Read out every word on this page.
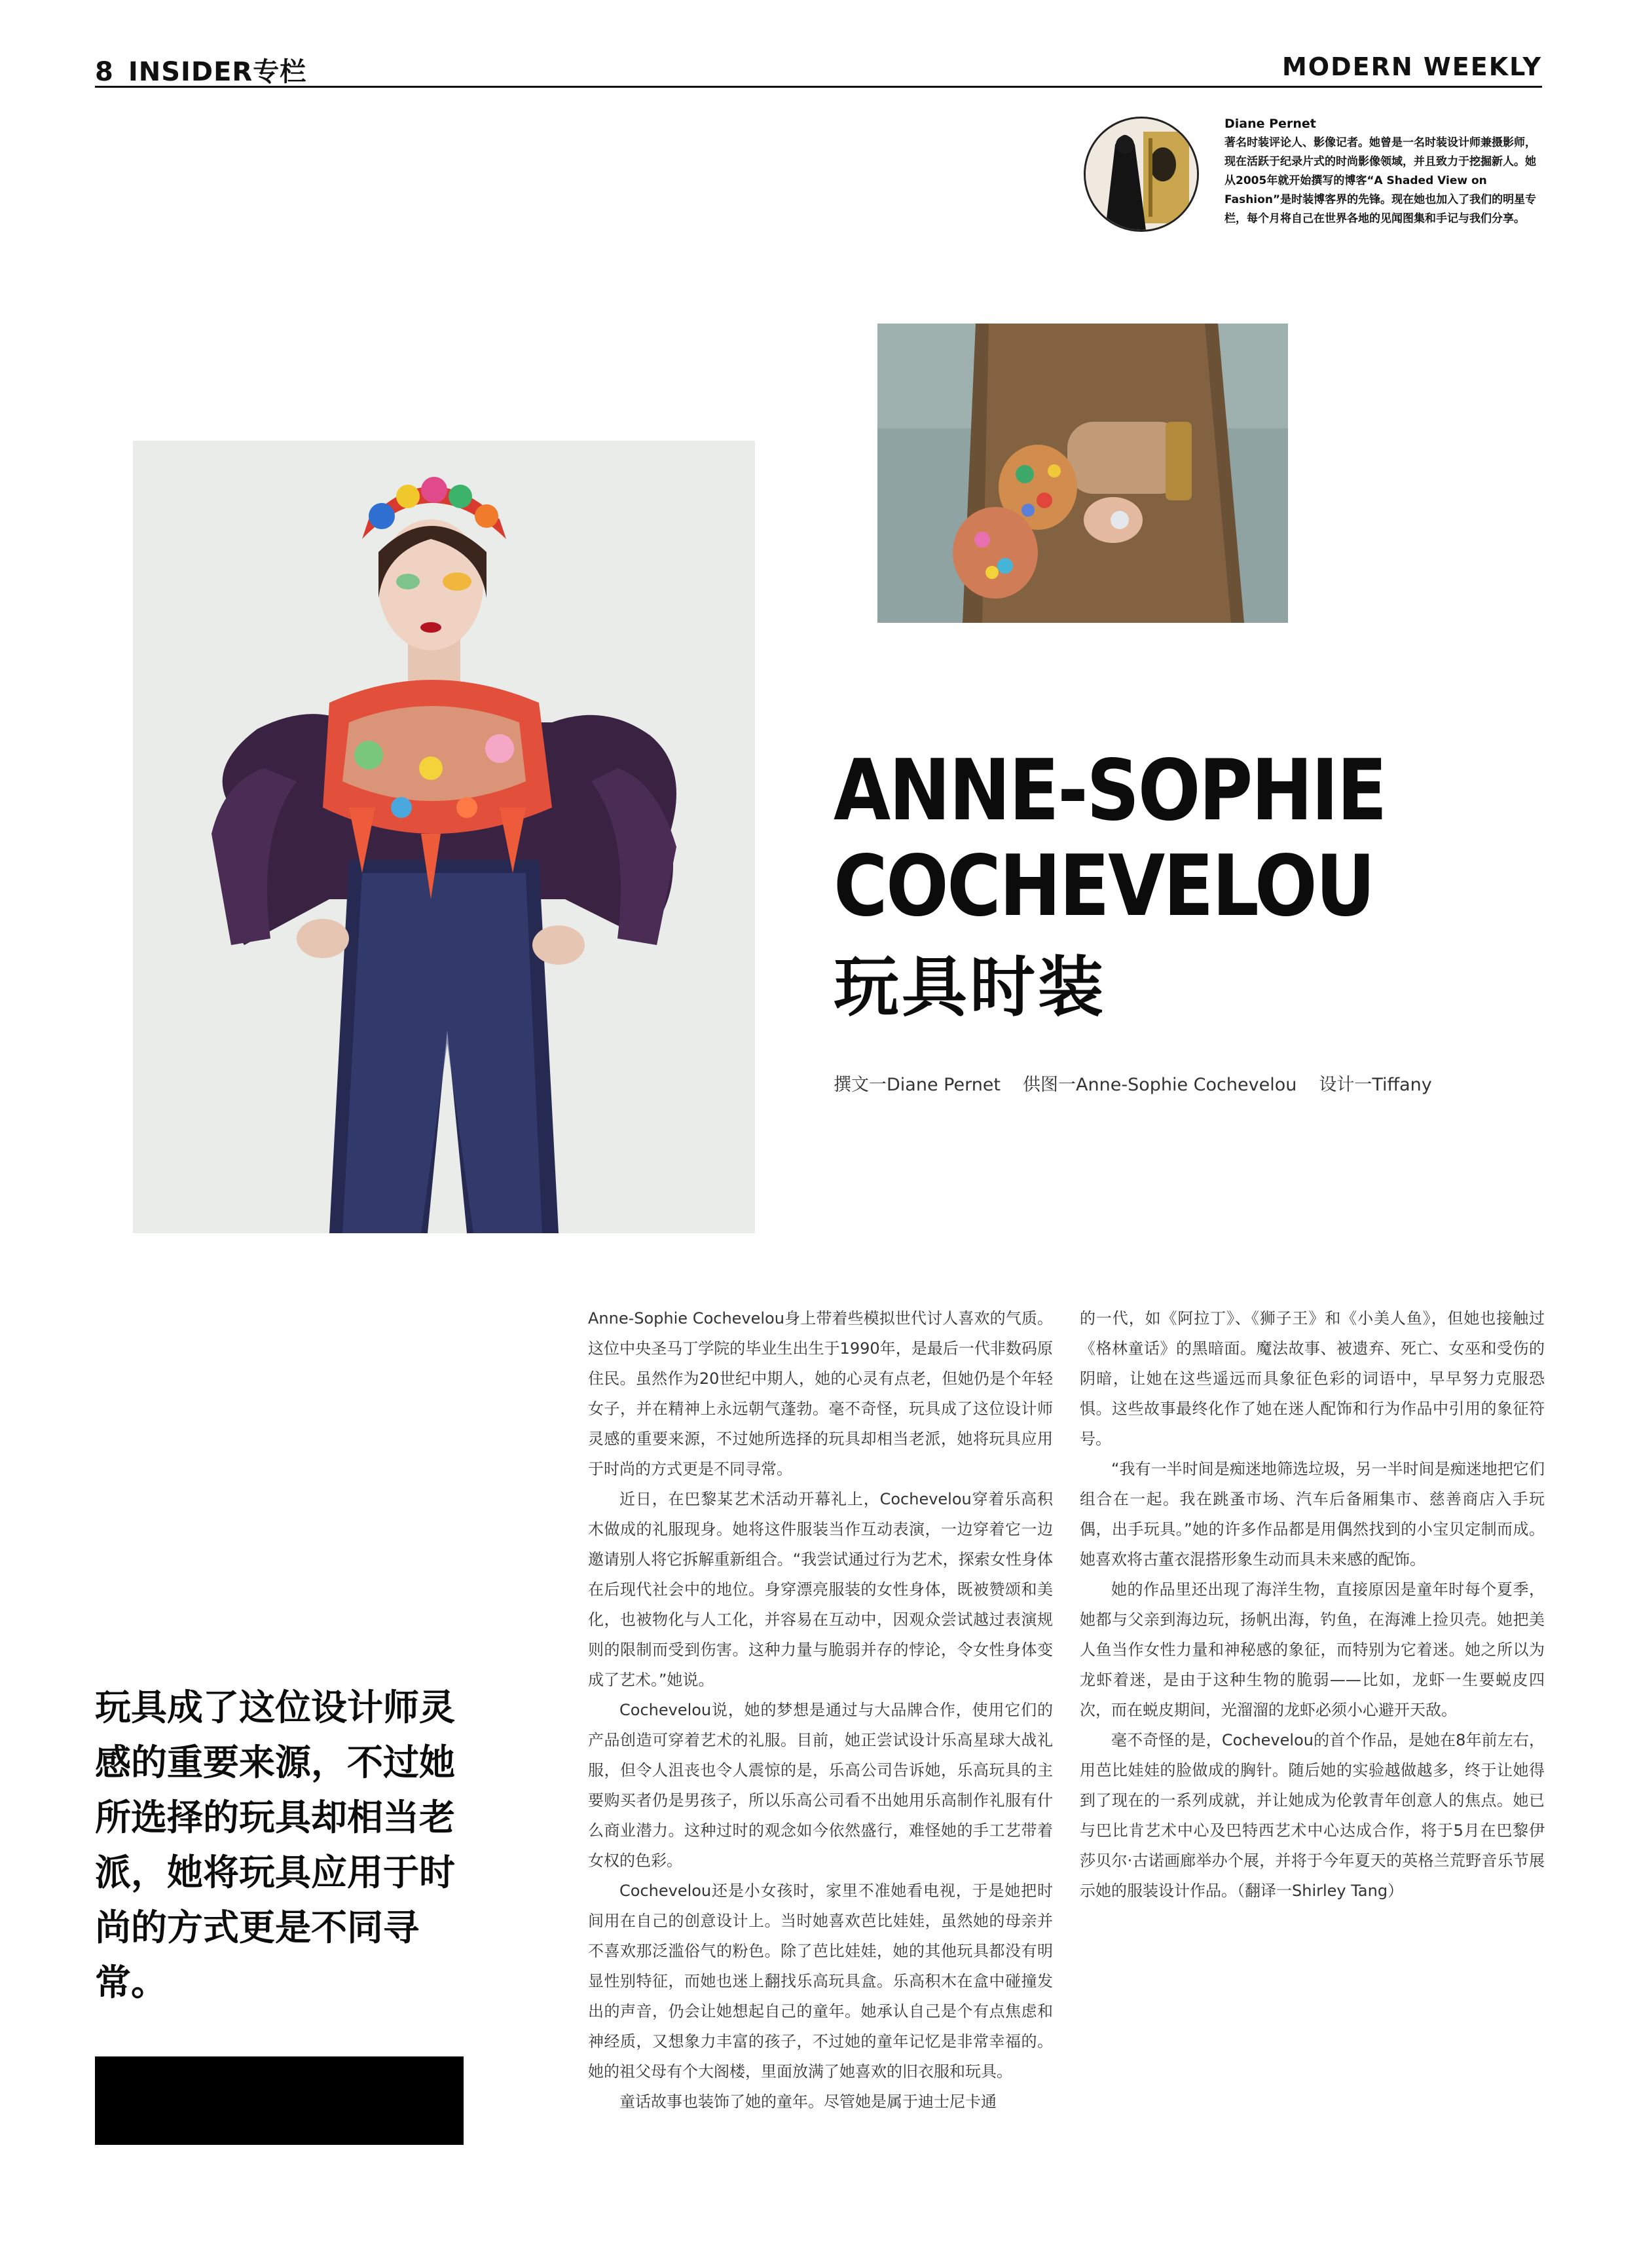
8 INSIDER专栏	MODERN WEEKLY
Diane Pernet
著名时装评论人、影像记者。她曾是一名时装设计师兼摄影师，现在活跃于纪录片式的时尚影像领域，并且致力于挖掘新人。她从2005年就开始撰写的博客“A Shaded View on Fashion”是时装博客界的先锋。现在她也加入了我们的明星专栏，每个月将自己在世界各地的见闻图集和手记与我们分享。
ANNE-SOPHIE
COCHEVELOU
玩具时装
撰文一Diane Pernet 供图一Anne-Sophie Cochevelou 设计一Tiffany
玩具成了这位设计师灵感的重要来源，不过她所选择的玩具却相当老派，她将玩具应用于时尚的方式更是不同寻常。

Anne-Sophie Cochevelou身上带着些模拟世代讨人喜欢的气质。这位中央圣马丁学院的毕业生出生于1990年，是最后一代非数码原住民。虽然作为20世纪中期人，她的心灵有点老，但她仍是个年轻女子，并在精神上永远朝气蓬勃。毫不奇怪，玩具成了这位设计师灵感的重要来源，不过她所选择的玩具却相当老派，她将玩具应用于时尚的方式更是不同寻常。

近日，在巴黎某艺术活动开幕礼上，Cochevelou穿着乐高积木做成的礼服现身。她将这件服装当作互动表演，一边穿着它一边邀请别人将它拆解重新组合。“我尝试通过行为艺术，探索女性身体在后现代社会中的地位。身穿漂亮服装的女性身体，既被赞颂和美化，也被物化与人工化，并容易在互动中，因观众尝试越过表演规则的限制而受到伤害。这种力量与脆弱并存的悖论，令女性身体变成了艺术。”她说。

Cochevelou说，她的梦想是通过与大品牌合作，使用它们的产品创造可穿着艺术的礼服。目前，她正尝试设计乐高星球大战礼服，但令人沮丧也令人震惊的是，乐高公司告诉她，乐高玩具的主要购买者仍是男孩子，所以乐高公司看不出她用乐高制作礼服有什么商业潜力。这种过时的观念如今依然盛行，难怪她的手工艺带着女权的色彩。

Cochevelou还是小女孩时，家里不准她看电视，于是她把时间用在自己的创意设计上。当时她喜欢芭比娃娃，虽然她的母亲并不喜欢那泛滥俗气的粉色。除了芭比娃娃，她的其他玩具都没有明显性别特征，而她也迷上翻找乐高玩具盒。乐高积木在盒中碰撞发出的声音，仍会让她想起自己的童年。她承认自己是个有点焦虑和神经质，又想象力丰富的孩子，不过她的童年记忆是非常幸福的。她的祖父母有个大阁楼，里面放满了她喜欢的旧衣服和玩具。

童话故事也装饰了她的童年。尽管她是属于迪士尼卡通

的一代，如《阿拉丁》、《狮子王》和《小美人鱼》，但她也接触过《格林童话》的黑暗面。魔法故事、被遗弃、死亡、女巫和受伤的阴暗，让她在这些遥远而具象征色彩的词语中，早早努力克服恐惧。这些故事最终化作了她在迷人配饰和行为作品中引用的象征符号。

“我有一半时间是痴迷地筛选垃圾，另一半时间是痴迷地把它们组合在一起。我在跳蚤市场、汽车后备厢集市、慈善商店入手玩偶，出手玩具。”她的许多作品都是用偶然找到的小宝贝定制而成。她喜欢将古董衣混搭形象生动而具未来感的配饰。

她的作品里还出现了海洋生物，直接原因是童年时每个夏季，她都与父亲到海边玩，扬帆出海，钓鱼，在海滩上捡贝壳。她把美人鱼当作女性力量和神秘感的象征，而特别为它着迷。她之所以为龙虾着迷，是由于这种生物的脆弱——比如，龙虾一生要蜕皮四次，而在蜕皮期间，光溜溜的龙虾必须小心避开天敌。

毫不奇怪的是，Cochevelou的首个作品，是她在8年前左右，用芭比娃娃的脸做成的胸针。随后她的实验越做越多，终于让她得到了现在的一系列成就，并让她成为伦敦青年创意人的焦点。她已与巴比肯艺术中心及巴特西艺术中心达成合作，将于5月在巴黎伊莎贝尔·古诺画廊举办个展，并将于今年夏天的英格兰荒野音乐节展示她的服装设计作品。（翻译一Shirley Tang）
